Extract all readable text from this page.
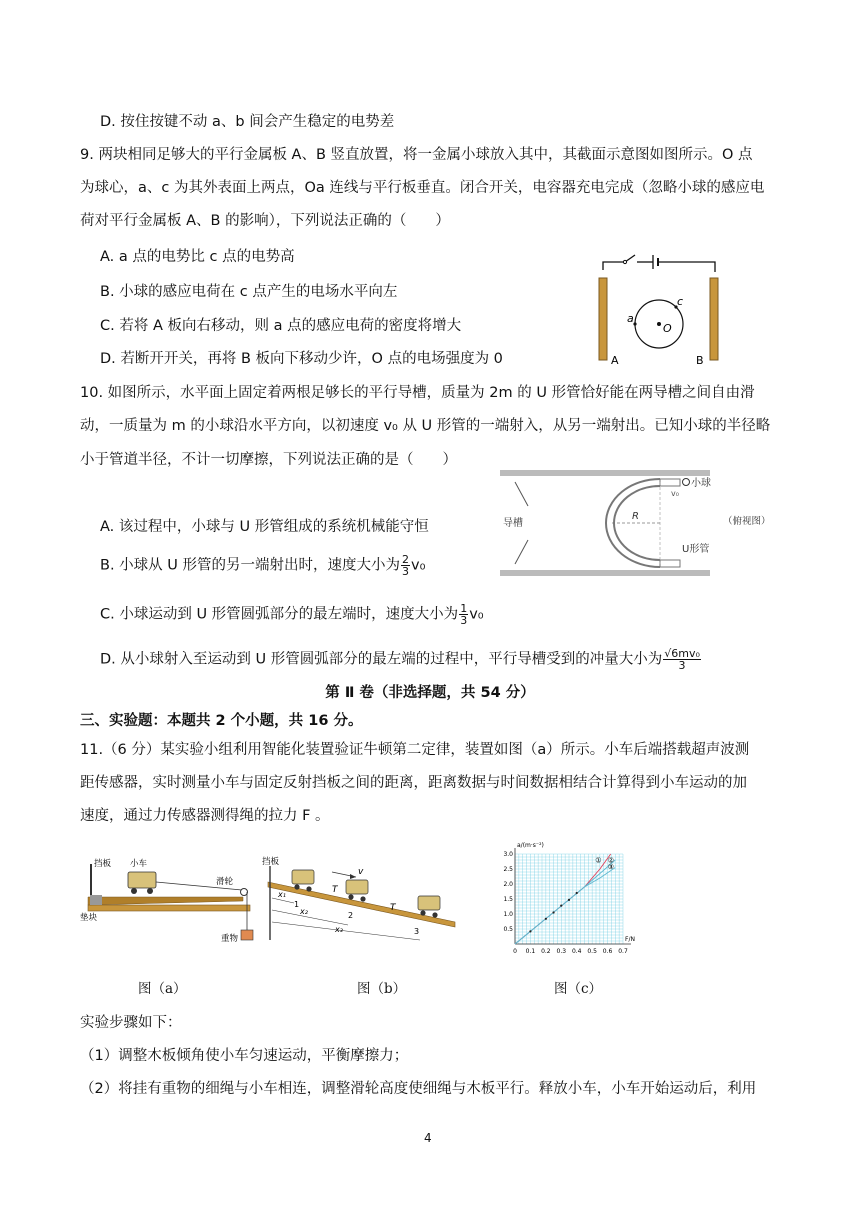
D. 按住按键不动 a、b 间会产生稳定的电势差
9. 两块相同足够大的平行金属板 A、B 竖直放置，将一金属小球放入其中，其截面示意图如图所示。O 点
为球心，a、c 为其外表面上两点，Oa 连线与平行板垂直。闭合开关，电容器充电完成（忽略小球的感应电
荷对平行金属板 A、B 的影响），下列说法正确的（　　）
A. a 点的电势比 c 点的电势高
B. 小球的感应电荷在 c 点产生的电场水平向左
C. 若将 A 板向右移动，则 a 点的感应电荷的密度将增大
D. 若断开开关，再将 B 板向下移动少许，O 点的电场强度为 0
a
c
O
A	B
10. 如图所示，水平面上固定着两根足够长的平行导槽，质量为 2m 的 U 形管恰好能在两导槽之间自由滑
动，一质量为 m 的小球沿水平方向，以初速度 v₀ 从 U 形管的一端射入，从另一端射出。已知小球的半径略
小于管道半径，不计一切摩擦，下列说法正确的是（　　）
A. 该过程中，小球与 U 形管组成的系统机械能守恒
B. 小球从 U 形管的另一端射出时，速度大小为 $\frac{2}{3} v_0$
C. 小球运动到 U 形管圆弧部分的最左端时，速度大小为 $\frac{1}{3} v_0$
D. 从小球射入至运动到 U 形管圆弧部分的最左端的过程中，平行导槽受到的冲量大小为 $\frac{\text{√6mv₀}}{3}$
导槽
小球
v₀
R
U形管
（俯视图）
第 Ⅱ 卷（非选择题，共 54 分）
三、实验题：本题共 2 个小题，共 16 分。
11.（6 分）某实验小组利用智能化装置验证牛顿第二定律，装置如图（a）所示。小车后端搭载超声波测
距传感器，实时测量小车与固定反射挡板之间的距离，距离数据与时间数据相结合计算得到小车运动的加
速度，通过力传感器测得绳的拉力 F 。
挡板 小车
垫块
滑轮
重物
图（a）
v
T
T
x₁
x₂
x₃
1
2
3
挡板
图（b）
0 0.1 0.2 0.3 0.4 0.5 0.6 0.7
0.5
1.0
1.5
2.0
2.5
3.0
a/(m·s⁻²)
F/N
① ②
③
图（c）
实验步骤如下：
（1）调整木板倾角使小车匀速运动，平衡摩擦力；
（2）将挂有重物的细绳与小车相连，调整滑轮高度使细绳与木板平行。释放小车，小车开始运动后，利用
4
